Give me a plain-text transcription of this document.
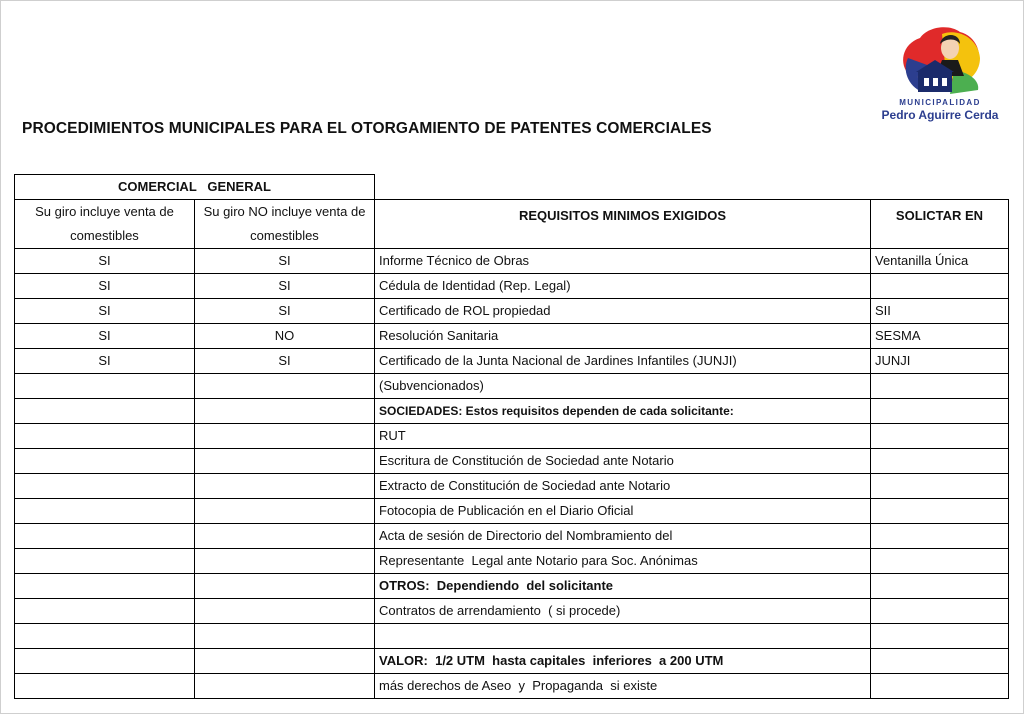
MUNICIPALIDAD
Pedro Aguirre Cerda
PROCEDIMIENTOS MUNICIPALES PARA EL OTORGAMIENTO DE PATENTES COMERCIALES
COMERCIAL   GENERAL			
Su giro incluye venta de comestibles	Su giro NO incluye venta de comestibles	REQUISITOS MINIMOS EXIGIDOS	SOLICTAR EN
SI	SI	Informe Técnico de Obras	Ventanilla Única
SI	SI	Cédula de Identidad (Rep. Legal)	
SI	SI	Certificado de ROL propiedad	SII
SI	NO	Resolución Sanitaria	SESMA
SI	SI	Certificado de la Junta Nacional de Jardines Infantiles (JUNJI)	JUNJI
		(Subvencionados)	
		SOCIEDADES: Estos requisitos dependen de cada solicitante:	
		RUT	
		Escritura de Constitución de Sociedad ante Notario	
		Extracto de Constitución de Sociedad ante Notario	
		Fotocopia de Publicación en el Diario Oficial	
		Acta de sesión de Directorio del Nombramiento del	
		Representante  Legal ante Notario para Soc. Anónimas	
		OTROS:  Dependiendo  del solicitante	
		Contratos de arrendamiento  ( si procede)	

		VALOR:  1/2 UTM  hasta capitales  inferiores  a 200 UTM	
		más derechos de Aseo  y  Propaganda  si existe	
